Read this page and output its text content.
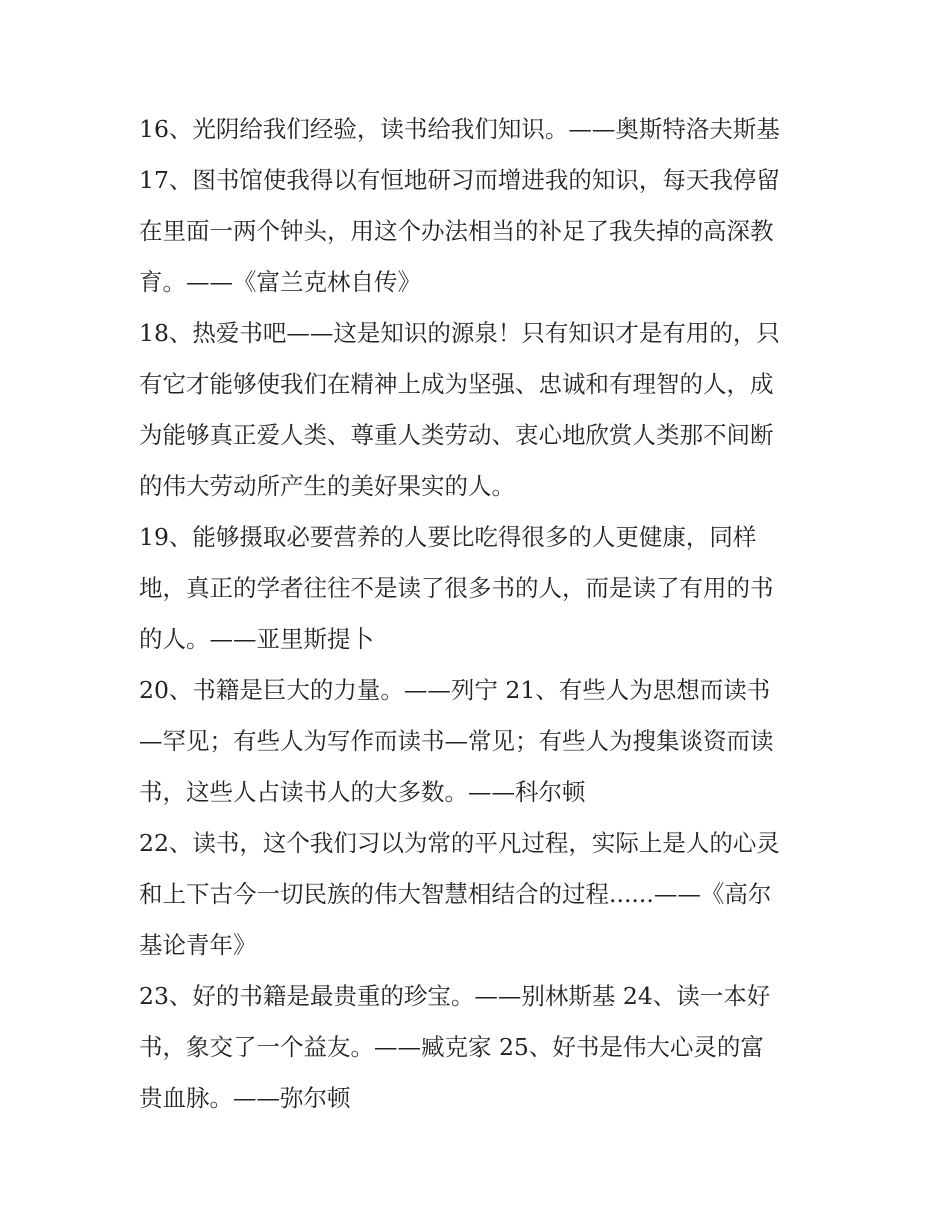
16、光阴给我们经验，读书给我们知识。——奥斯特洛夫斯基
17、图书馆使我得以有恒地研习而增进我的知识，每天我停留
在里面一两个钟头，用这个办法相当的补足了我失掉的高深教
育。——《富兰克林自传》
18、热爱书吧——这是知识的源泉！只有知识才是有用的，只
有它才能够使我们在精神上成为坚强、忠诚和有理智的人，成
为能够真正爱人类、尊重人类劳动、衷心地欣赏人类那不间断
的伟大劳动所产生的美好果实的人。
19、能够摄取必要营养的人要比吃得很多的人更健康，同样
地，真正的学者往往不是读了很多书的人，而是读了有用的书
的人。——亚里斯提卜
20、书籍是巨大的力量。——列宁 21、有些人为思想而读书
—罕见；有些人为写作而读书—常见；有些人为搜集谈资而读
书，这些人占读书人的大多数。——科尔顿
22、读书，这个我们习以为常的平凡过程，实际上是人的心灵
和上下古今一切民族的伟大智慧相结合的过程......——《高尔
基论青年》
23、好的书籍是最贵重的珍宝。——别林斯基 24、读一本好
书，象交了一个益友。——臧克家 25、好书是伟大心灵的富
贵血脉。——弥尔顿
